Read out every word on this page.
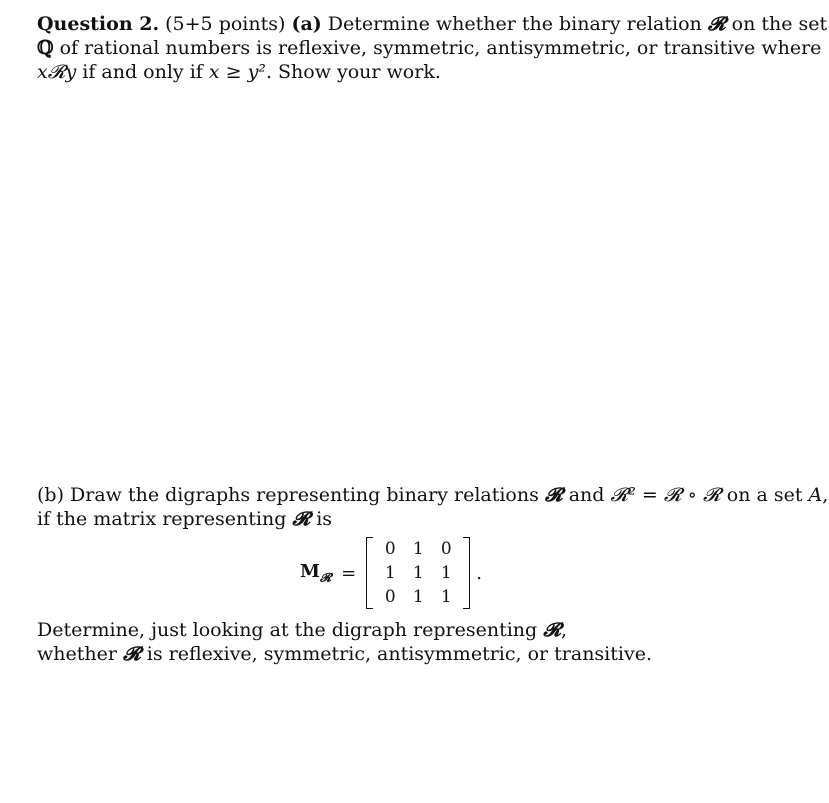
Question 2. (5+5 points) (a) Determine whether the binary relation 𝓡 on the set
ℚ of rational numbers is reflexive, symmetric, antisymmetric, or transitive where
x𝓡y if and only if x ≥ y². Show your work.
(b) Draw the digraphs representing binary relations 𝓡 and 𝓡² = 𝓡 ∘ 𝓡 on a set A,
if the matrix representing 𝓡 is
$M_𝓡$ =
0	1	0
1	1	1
0	1	1
.
Determine, just looking at the digraph representing 𝓡,
whether 𝓡 is reflexive, symmetric, antisymmetric, or transitive.
